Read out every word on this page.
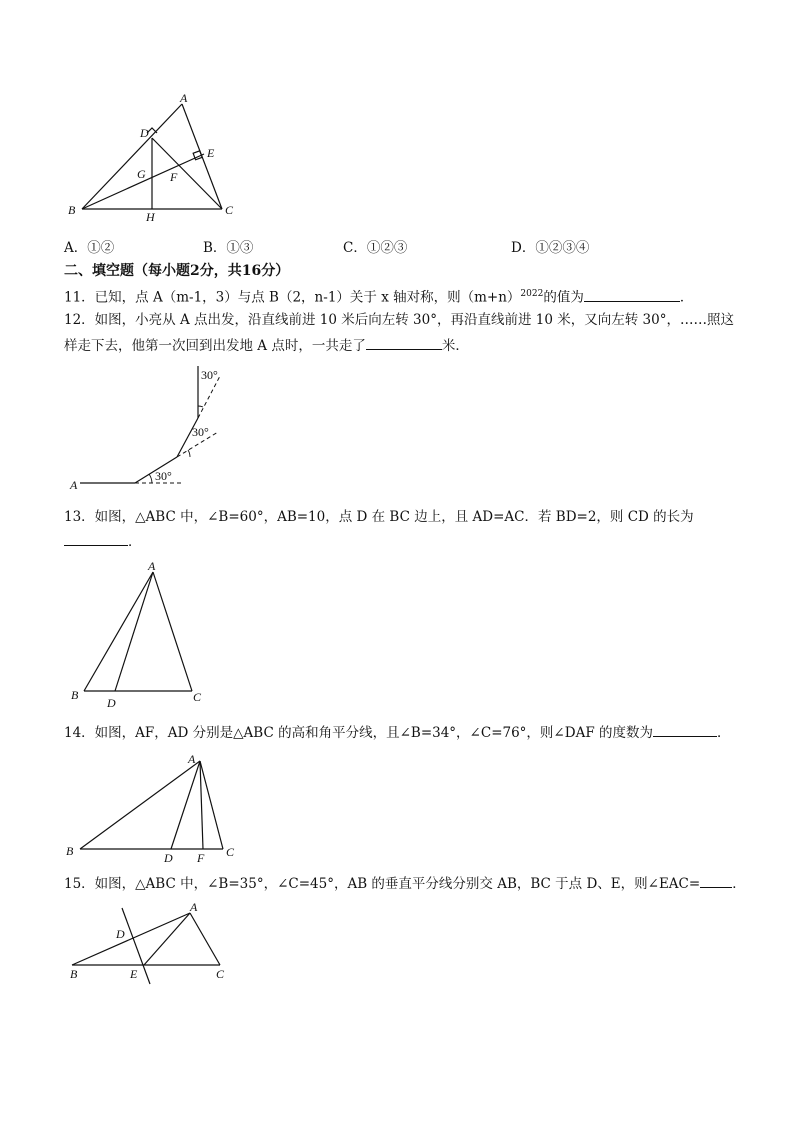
A
D
E
G F
B	H	C
A．①②	B．①③	C．①②③	D．①②③④
二、填空题（每小题2分，共16分）
11．已知，点 A（m-1，3）与点 B（2，n-1）关于 x 轴对称，则$(m+n)^{2022}$的值为	．
12．如图，小亮从 A 点出发，沿直线前进 10 米后向左转 30°，再沿直线前进 10 米，又向左转 30°，……照这
样走下去，他第一次回到出发地 A 点时，一共走了	米．
30°
30°
30°
A
13．如图，△ABC 中，∠B=60°，AB=10，点 D 在 BC 边上，且 AD=AC．若 BD=2，则 CD 的长为
．
A
B
D	C
14．如图，AF，AD 分别是△ABC 的高和角平分线，且∠B=34°，∠C=76°，则∠DAF 的度数为	．
A
B	D F C
15．如图，△ABC 中，∠B=35°，∠C=45°，AB 的垂直平分线分别交 AB，BC 于点 D、E，则∠EAC= ．
A
D
B	E	C
